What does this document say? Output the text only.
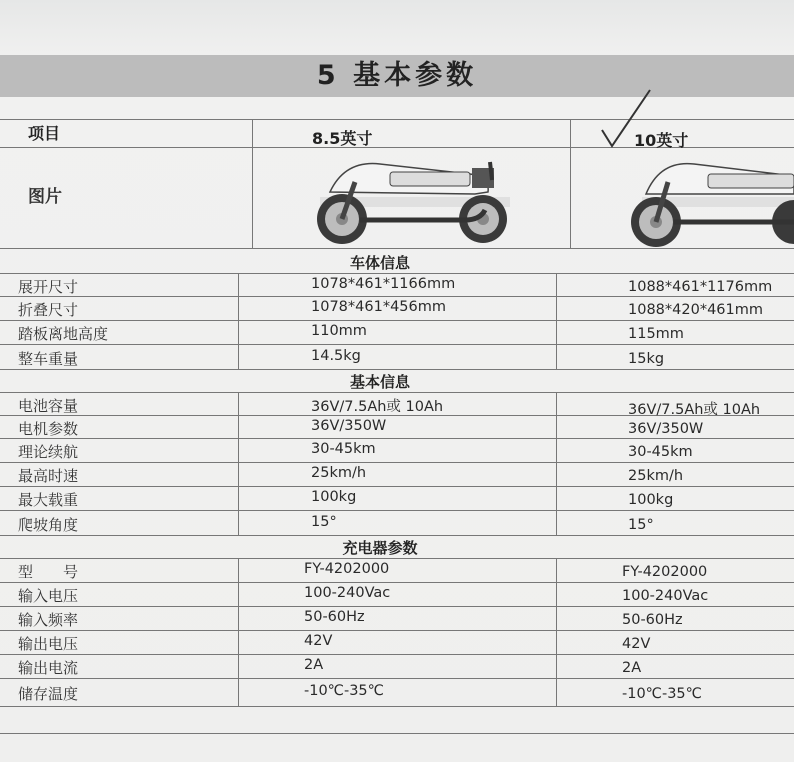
5 基本参数
项目	8.5英寸	10英寸
图片
车体信息
基本信息
充电器参数
展开尺寸	1078*461*1166mm	1088*461*1176mm
折叠尺寸	1078*461*456mm	1088*420*461mm
踏板离地高度	110mm	115mm
整车重量	14.5kg	15kg
电池容量	36V/7.5Ah或 10Ah	36V/7.5Ah或 10Ah
电机参数	36V/350W	36V/350W
理论续航	30-45km	30-45km
最高时速	25km/h	25km/h
最大载重	100kg	100kg
爬坡角度	15°	15°
型　　号	FY-4202000	FY-4202000
输入电压	100-240Vac	100-240Vac
输入频率	50-60Hz	50-60Hz
输出电压	42V	42V
输出电流	2A	2A
储存温度	-10℃-35℃	-10℃-35℃
